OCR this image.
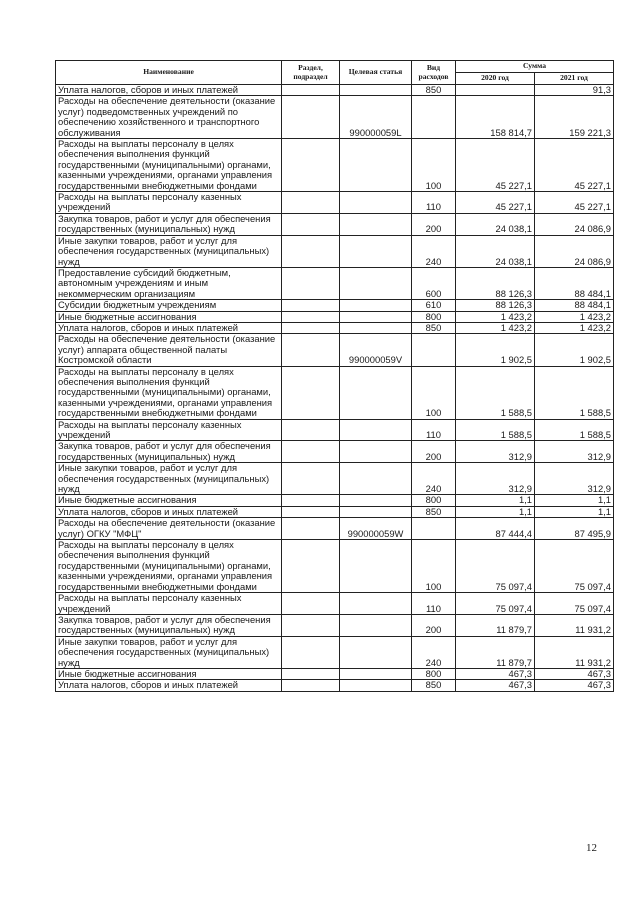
Наименование	Раздел, подраздел	Целевая статья	Вид расходов	Сумма	
				2020 год	2021 год
Уплата налогов, сборов и иных платежей			850		91,3
Расходы на обеспечение деятельности (оказание услуг) подведомственных учреждений по обеспечению хозяйственного и транспортного обслуживания		990000059L		158 814,7	159 221,3
Расходы на выплаты персоналу в целях обеспечения выполнения функций государственными (муниципальными) органами, казенными учреждениями, органами управления государственными внебюджетными фондами			100	45 227,1	45 227,1
Расходы на выплаты персоналу казенных учреждений			110	45 227,1	45 227,1
Закупка товаров, работ и услуг для обеспечения государственных (муниципальных) нужд			200	24 038,1	24 086,9
Иные закупки товаров, работ и услуг для обеспечения государственных (муниципальных) нужд			240	24 038,1	24 086,9
Предоставление субсидий бюджетным, автономным учреждениям и иным некоммерческим организациям			600	88 126,3	88 484,1
Субсидии бюджетным учреждениям			610	88 126,3	88 484,1
Иные бюджетные ассигнования			800	1 423,2	1 423,2
Уплата налогов, сборов и иных платежей			850	1 423,2	1 423,2
Расходы на обеспечение деятельности (оказание услуг) аппарата общественной палаты Костромской области		990000059V		1 902,5	1 902,5
Расходы на выплаты персоналу в целях обеспечения выполнения функций государственными (муниципальными) органами, казенными учреждениями, органами управления государственными внебюджетными фондами			100	1 588,5	1 588,5
Расходы на выплаты персоналу казенных учреждений			110	1 588,5	1 588,5
Закупка товаров, работ и услуг для обеспечения государственных (муниципальных) нужд			200	312,9	312,9
Иные закупки товаров, работ и услуг для обеспечения государственных (муниципальных) нужд			240	312,9	312,9
Иные бюджетные ассигнования			800	1,1	1,1
Уплата налогов, сборов и иных платежей			850	1,1	1,1
Расходы на обеспечение деятельности (оказание услуг) ОГКУ "МФЦ"		990000059W		87 444,4	87 495,9
Расходы на выплаты персоналу в целях обеспечения выполнения функций государственными (муниципальными) органами, казенными учреждениями, органами управления государственными внебюджетными фондами			100	75 097,4	75 097,4
Расходы на выплаты персоналу казенных учреждений			110	75 097,4	75 097,4
Закупка товаров, работ и услуг для обеспечения государственных (муниципальных) нужд			200	11 879,7	11 931,2
Иные закупки товаров, работ и услуг для обеспечения государственных (муниципальных) нужд			240	11 879,7	11 931,2
Иные бюджетные ассигнования			800	467,3	467,3
Уплата налогов, сборов и иных платежей			850	467,3	467,3
12
